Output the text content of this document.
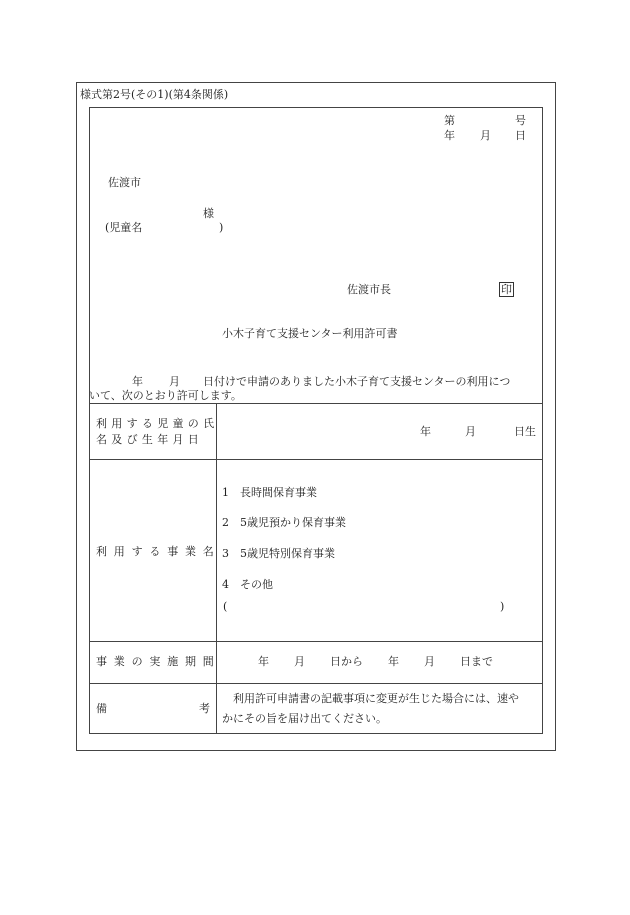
様式第2号(その1)(第4条関係)
第	号
年 月 日
佐渡市
様
(児童名	)
佐渡市長	印
小木子育て支援センター利用許可書
年 月 日付けで申請のありました小木子育て支援センターの利用につ
いて、次のとおり許可します。
利用する児童の氏
名及び生年月日
年	月	日生
利用する事業名
1　長時間保育事業
2　5歳児預かり保育事業
3　5歳児特別保育事業
4　その他
(	)
事業の実施期間	年 月 日から 年 月 日まで
備	考
利用許可申請書の記載事項に変更が生じた場合には、速や
かにその旨を届け出てください。
